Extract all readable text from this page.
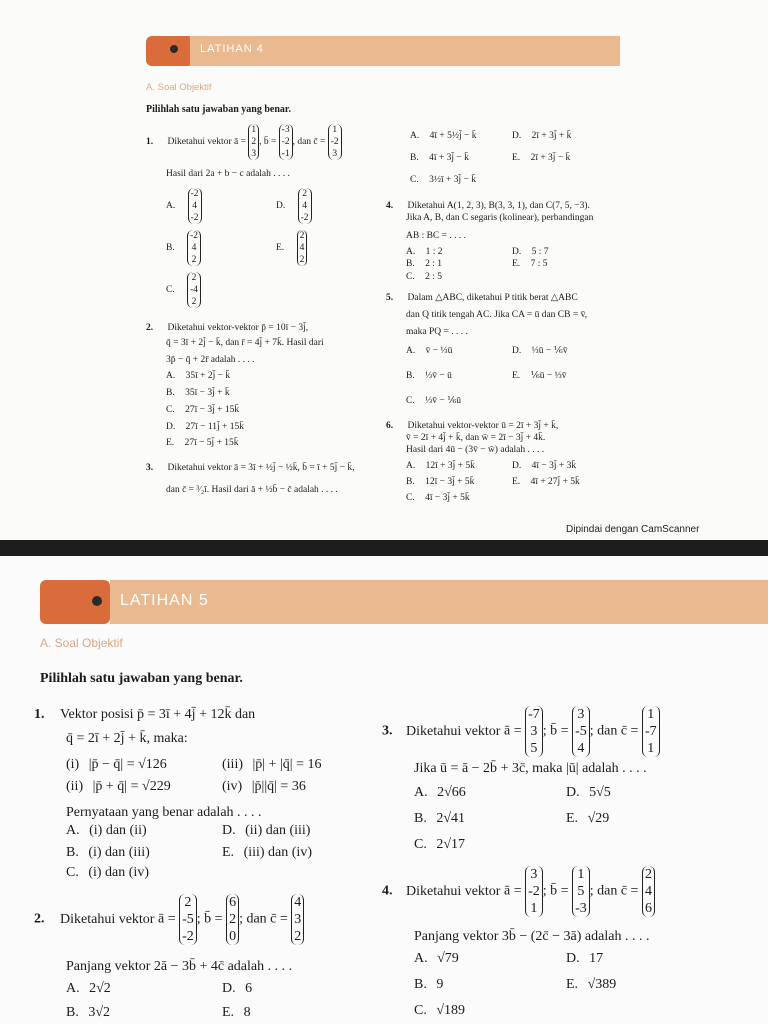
LATIHAN 4
A. Soal Objektif
Pilihlah satu jawaban yang benar.
1. Diketahui vektor ā =
1
2
3
, b̄ =
-3
-2
-1
, dan c̄ =
1
-2
3
Hasil dari 2a + b − c adalah . . . .
A.
-2
4
-2
D.
2
4
-2
B.
-2
4
2
E.
2
4
2
C.
2
-4
2
A. 4ī + 5½j̄ − k̄
B. 4ī + 3j̄ − k̄
C. 3½ī + 3j̄ − k̄
D. 2ī + 3j̄ + k̄
E. 2ī + 3j̄ − k̄
4. Diketahui A(1, 2, 3), B(3, 3, 1), dan C(7, 5, −3).
Jika A, B, dan C segaris (kolinear), perbandingan
AB : BC = . . . .
A. 1 : 2
B. 2 : 1
C. 2 : 5
D. 5 : 7
E. 7 : 5
5. Dalam △ABC, diketahui P titik berat △ABC
dan Q titik tengah AC. Jika CA = ū dan CB = v̄,
maka PQ = . . . .
A. v̄ − ⅓ū
B. ⅓v̄ − ū
C. ⅓v̄ − ⅙ū
D. ⅓ū − ⅙v̄
E. ⅙ū − ⅓v̄
2. Diketahui vektor-vektor p̄ = 10ī − 3j̄,
q̄ = 3ī + 2j̄ − k̄, dan r̄ = 4j̄ + 7k̄. Hasil dari
3p̄ − q̄ + 2r̄ adalah . . . .
A. 35ī + 2j̄ − k̄
B. 35ī − 3j̄ + k̄
C. 27ī − 3j̄ + 15k̄
D. 27ī − 11j̄ + 15k̄
E. 27ī − 5j̄ + 15k̄
6. Diketahui vektor-vektor ū = 2ī + 3j̄ + k̄,
v̄ = 2ī + 4j̄ + k̄, dan w̄ = 2ī − 3j̄ + 4k̄.
Hasil dari 4ū − (3v̄ − w̄) adalah . . . .
A. 12ī + 3j̄ + 5k̄
B. 12ī − 3j̄ + 5k̄
C. 4ī − 3j̄ + 5k̄
D. 4ī − 3j̄ + 3k̄
E. 4ī + 27j̄ + 5k̄
3. Diketahui vektor ā = 3ī + ½j̄ − ½k̄, b̄ = ī + 5j̄ − k̄,
dan c̄ = ³⁄₂ī. Hasil dari ā + ½b̄ − c̄ adalah . . . .
Dipindai dengan CamScanner
LATIHAN 5
A. Soal Objektif
Pilihlah satu jawaban yang benar.
1. Vektor posisi p̄ = 3ī + 4j̄ + 12k̄ dan
q̄ = 2ī + 2j̄ + k̄, maka:
(i) |p̄ − q̄| = √126	(iii) |p̄| + |q̄| = 16
(ii) |p̄ + q̄| = √229	(iv) |p̄||q̄| = 36
Pernyataan yang benar adalah . . . .
A. (i) dan (ii)
B. (i) dan (iii)
C. (i) dan (iv)
D. (ii) dan (iii)
E. (iii) dan (iv)
2. Diketahui vektor ā =
2
-5
-2
; b̄ =
6
2
0
; dan c̄ =
4
3
2
Panjang vektor 2ā − 3b̄ + 4c̄ adalah . . . .
A. 2√2
B. 3√2
D. 6
E. 8
3. Diketahui vektor ā =
-7
3
5
; b̄ =
3
-5
4
; dan c̄ =
1
-7
1
Jika ū = ā − 2b̄ + 3c̄, maka |ū| adalah . . . .
A. 2√66
B. 2√41
C. 2√17
D. 5√5
E. √29
4. Diketahui vektor ā =
3
-2
1
; b̄ =
1
5
-3
; dan c̄ =
2
4
6
Panjang vektor 3b̄ − (2c̄ − 3ā) adalah . . . .
A. √79
B. 9
C. √189
D. 17
E. √389
